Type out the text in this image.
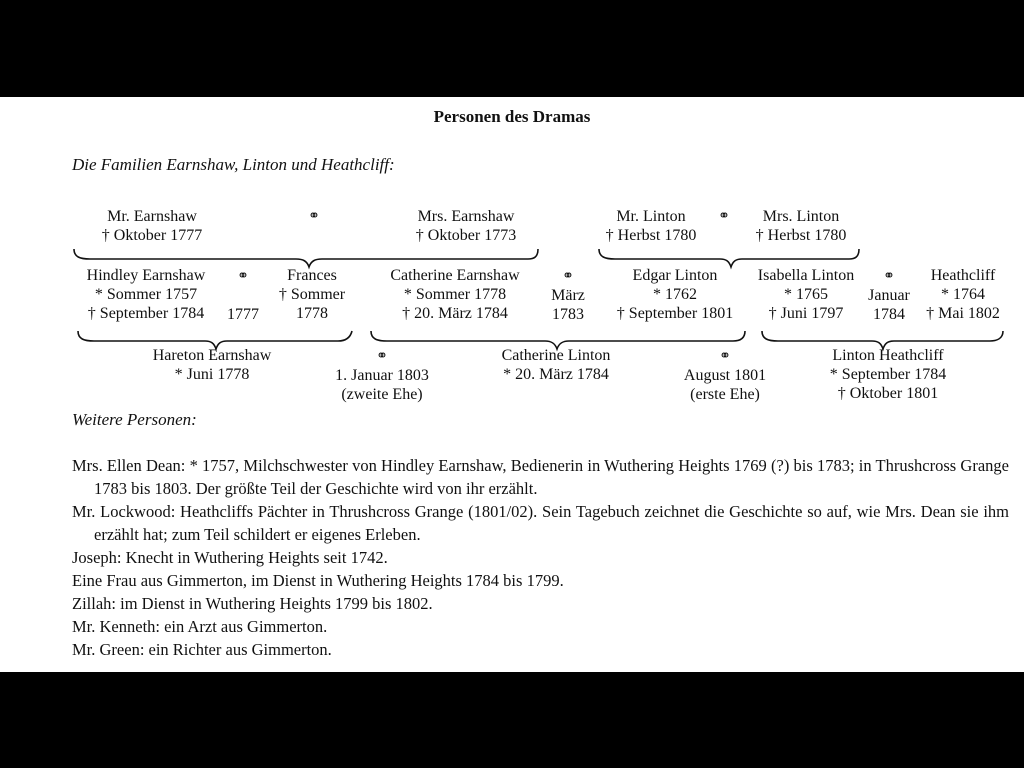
Personen des Dramas
Die Familien Earnshaw, Linton und Heathcliff:
Mr. Earnshaw
† Oktober 1777
⚭	Mrs. Earnshaw
† Oktober 1773
Mr. Linton
† Herbst 1780
⚭	Mrs. Linton
† Herbst 1780
Hindley Earnshaw
* Sommer 1757
† September 1784
⚭

1777
Frances
† Sommer
1778
Catherine Earnshaw
* Sommer 1778
† 20. März 1784
⚭
März
1783
Edgar Linton
* 1762
† September 1801
Isabella Linton
* 1765
† Juni 1797
⚭
Januar
1784
Heathcliff
* 1764
† Mai 1802
Hareton Earnshaw
* Juni 1778
⚭
1. Januar 1803
(zweite Ehe)
Catherine Linton
* 20. März 1784
⚭
August 1801
(erste Ehe)
Linton Heathcliff
* September 1784
† Oktober 1801
Weitere Personen:

Mrs. Ellen Dean: * 1757, Milchschwester von Hindley Earnshaw, Bedienerin in Wuthering Heights 1769 (?) bis 1783; in Thrushcross Grange 1783 bis 1803. Der größte Teil der Geschichte wird von ihr erzählt.

Mr. Lockwood: Heathcliffs Pächter in Thrushcross Grange (1801/02). Sein Tagebuch zeichnet die Geschichte so auf, wie Mrs. Dean sie ihm erzählt hat; zum Teil schildert er eigenes Erleben.

Joseph: Knecht in Wuthering Heights seit 1742.

Eine Frau aus Gimmerton, im Dienst in Wuthering Heights 1784 bis 1799.

Zillah: im Dienst in Wuthering Heights 1799 bis 1802.

Mr. Kenneth: ein Arzt aus Gimmerton.

Mr. Green: ein Richter aus Gimmerton.
